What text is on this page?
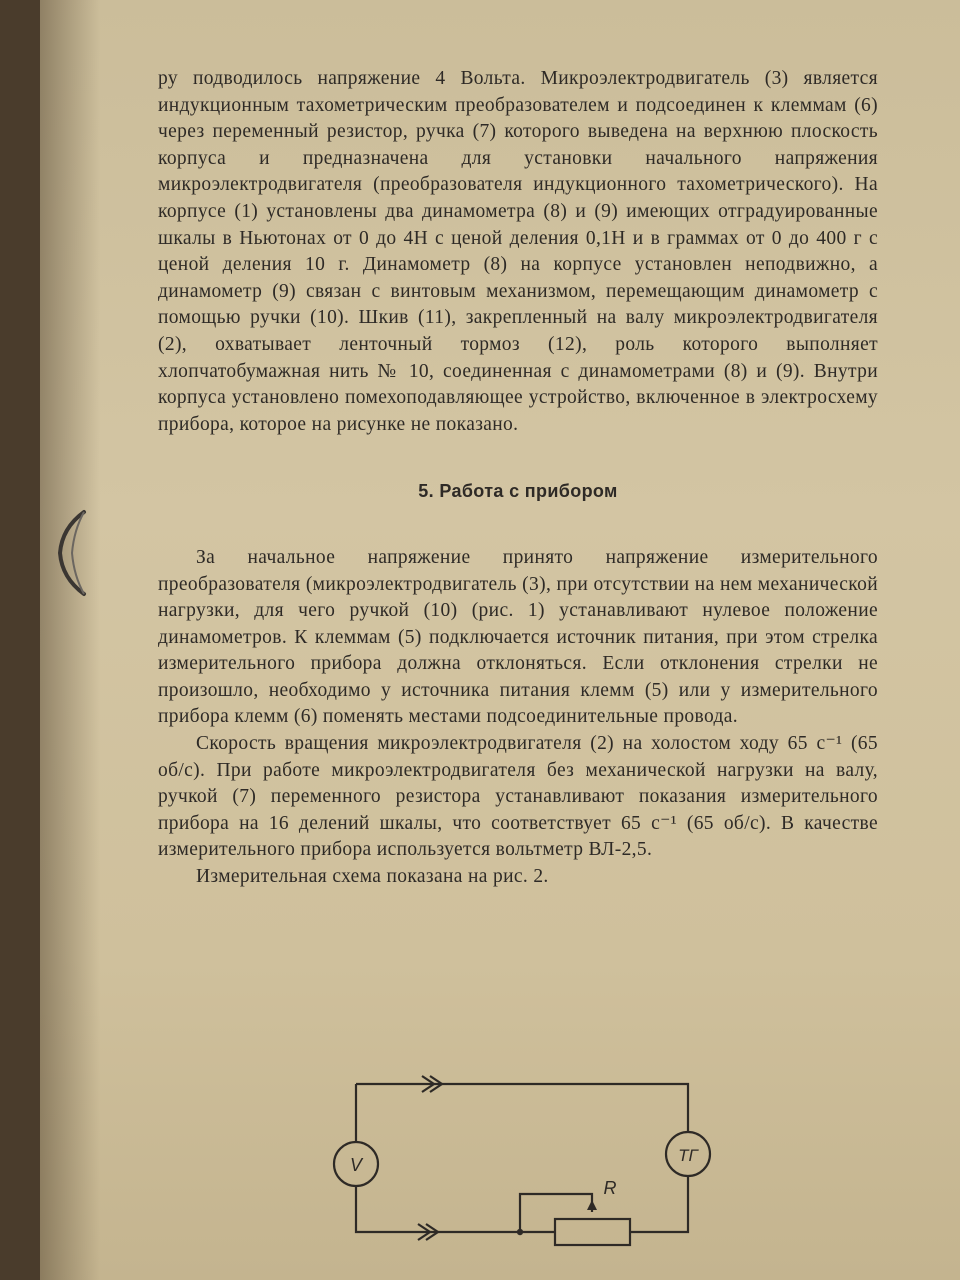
ру подводилось напряжение 4 Вольта. Микроэлектродвигатель (3) является индукционным тахометрическим преобразователем и подсоединен к клеммам (6) через переменный резистор, ручка (7) которого выведена на верхнюю плоскость корпуса и предназначена для установки начального напряжения микроэлектродвигателя (преобразователя индукционного тахометрического). На корпусе (1) установлены два динамометра (8) и (9) имеющих отградуированные шкалы в Ньютонах от 0 до 4Н с ценой деления 0,1Н и в граммах от 0 до 400 г с ценой деления 10 г. Динамометр (8) на корпусе установлен неподвижно, а динамометр (9) связан с винтовым механизмом, перемещающим динамометр с помощью ручки (10). Шкив (11), закрепленный на валу микроэлектродвигателя (2), охватывает ленточный тормоз (12), роль которого выполняет хлопчатобумажная нить № 10, соединенная с динамометрами (8) и (9). Внутри корпуса установлено помехоподавляющее устройство, включенное в электросхему прибора, которое на рисунке не показано.

5. Работа с прибором

За начальное напряжение принято напряжение измерительного преобразователя (микроэлектродвигатель (3), при отсутствии на нем механической нагрузки, для чего ручкой (10) (рис. 1) устанавливают нулевое положение динамометров. К клеммам (5) подключается источник питания, при этом стрелка измерительного прибора должна отклоняться. Если отклонения стрелки не произошло, необходимо у источника питания клемм (5) или у измерительного прибора клемм (6) поменять местами подсоединительные провода.

Скорость вращения микроэлектродвигателя (2) на холостом ходу 65 с⁻¹ (65 об/с). При работе микроэлектродвигателя без механической нагрузки на валу, ручкой (7) переменного резистора устанавливают показания измерительного прибора на 16 делений шкалы, что соответствует 65 с⁻¹ (65 об/с). В качестве измерительного прибора используется вольтметр ВЛ-2,5.

Измерительная схема показана на рис. 2.

V	ТГ
R
